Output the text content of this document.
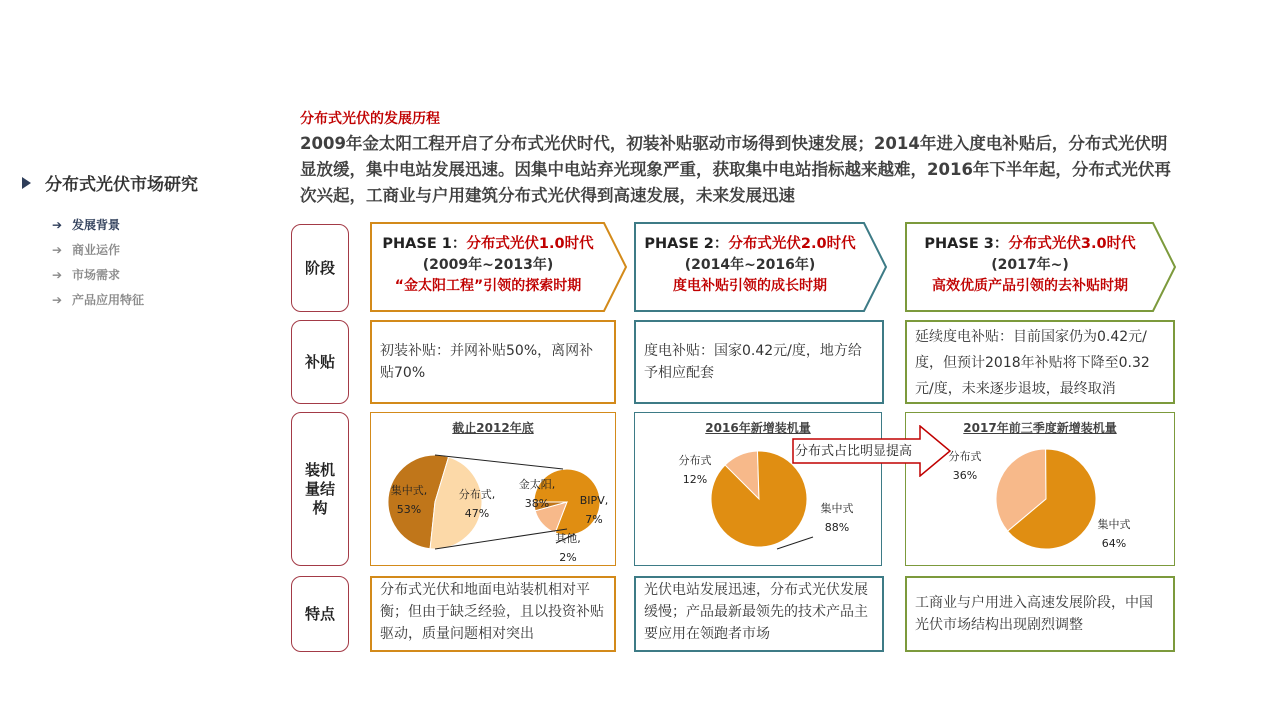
分布式光伏市场研究
➔ 发展背景
➔ 商业运作
➔ 市场需求
➔ 产品应用特征
分布式光伏的发展历程
2009年金太阳工程开启了分布式光伏时代，初装补贴驱动市场得到快速发展；2014年进入度电补贴后，分布式光伏明显放缓，集中电站发展迅速。因集中电站弃光现象严重，获取集中电站指标越来越难，2016年下半年起，分布式光伏再次兴起，工商业与户用建筑分布式光伏得到高速发展，未来发展迅速
阶段
补贴
装机
量结
构
特点
PHASE 1：分布式光伏1.0时代
(2009年~2013年)
“金太阳工程”引领的探索时期
PHASE 2：分布式光伏2.0时代
(2014年~2016年)
度电补贴引领的成长时期
PHASE 3：分布式光伏3.0时代
(2017年~)
高效优质产品引领的去补贴时期
初装补贴：并网补贴50%，离网补贴70%
度电补贴：国家0.42元/度，地方给予相应配套
延续度电补贴：目前国家仍为0.42元/度，但预计2018年补贴将下降至0.32元/度，未来逐步退坡，最终取消
截止2012年底
集中式,
53%
分布式,
47%
金太阳,
38%	BIPV,
7%
其他,
2%
2016年新增装机量
分布式
12%
集中式
88%
2017年前三季度新增装机量
分布式
36%
集中式
64%
分布式占比明显提高
分布式光伏和地面电站装机相对平衡；但由于缺乏经验，且以投资补贴驱动，质量问题相对突出
光伏电站发展迅速，分布式光伏发展缓慢；产品最新最领先的技术产品主要应用在领跑者市场
工商业与户用进入高速发展阶段，中国光伏市场结构出现剧烈调整
